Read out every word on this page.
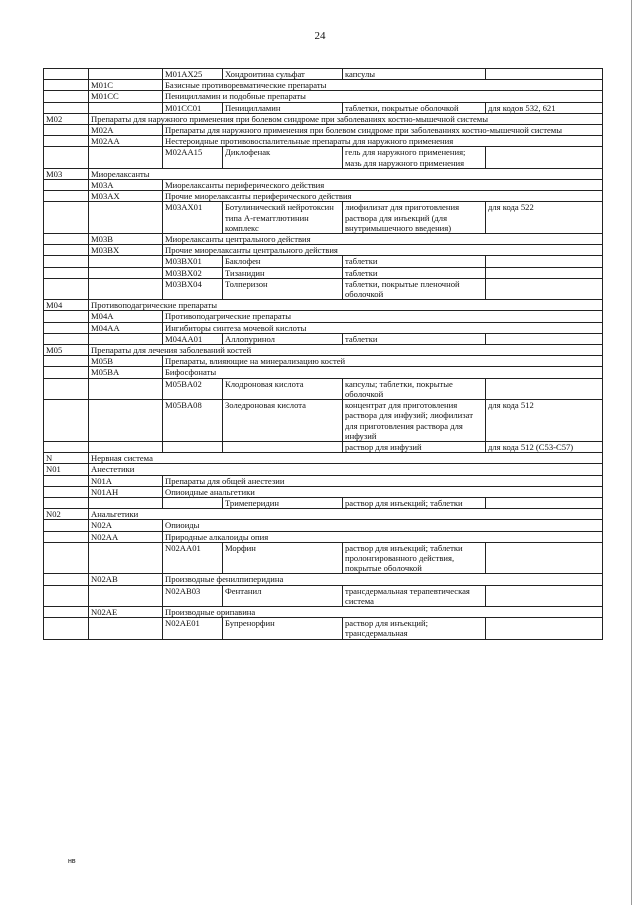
24
		M01AX25	Хондроитина сульфат	капсулы	
	M01C	Базисные противоревматические препараты			
	M01CC	Пеницилламин и подобные препараты			
		M01CC01	Пеницилламин	таблетки, покрытые оболочкой	для кодов 532, 621
M02	Препараты для наружного применения при болевом синдроме при заболеваниях костно-мышечной системы				
	M02A	Препараты для наружного применения при болевом синдроме при заболеваниях костно-мышечной системы			
	M02AA	Нестероидные противовоспалительные препараты для наружного применения			
		M02AA15	Диклофенак	гель для наружного применения; мазь для наружного применения	
M03	Миорелаксанты				
	M03A	Миорелаксанты периферического действия			
	M03AX	Прочие миорелаксанты периферического действия			
		M03AX01	Ботулинический нейротоксин типа А-гемагглютинин комплекс	лиофилизат для приготовления раствора для инъекций (для внутримышечного введения)	для кода 522
	M03B	Миорелаксанты центрального действия			
	M03BX	Прочие миорелаксанты центрального действия			
		M03BX01	Баклофен	таблетки	
		M03BX02	Тизанидин	таблетки	
		M03BX04	Толперизон	таблетки, покрытые пленочной оболочкой	
M04	Противоподагрические препараты				
	M04A	Противоподагрические препараты			
	M04AA	Ингибиторы синтеза мочевой кислоты			
		M04AA01	Аллопуринол	таблетки	
M05	Препараты для лечения заболеваний костей				
	M05B	Препараты, влияющие на минерализацию костей			
	M05BA	Бифосфонаты			
		M05BA02	Клодроновая кислота	капсулы; таблетки, покрытые оболочкой	
		M05BA08	Золедроновая кислота	концентрат для приготовления раствора для инфузий; лиофилизат для приготовления раствора для инфузий	для кода 512
				раствор для инфузий	для кода 512 (C53-C57)
N	Нервная система				
N01	Анестетики				
	N01A	Препараты для общей анестезии			
	N01AH	Опиоидные анальгетики			
			Тримеперидин	раствор для инъекций; таблетки	
N02	Анальгетики				
	N02A	Опиоиды			
	N02AA	Природные алкалоиды опия			
		N02AA01	Морфин	раствор для инъекций; таблетки пролонгированного действия, покрытые оболочкой	
	N02AB	Производные фенилпиперидина			
		N02AB03	Фентанил	трансдермальная терапевтическая система	
	N02AE	Производные орипавина			
		N02AE01	Бупренорфин	раствор для инъекций; трансдермальная	
нв
